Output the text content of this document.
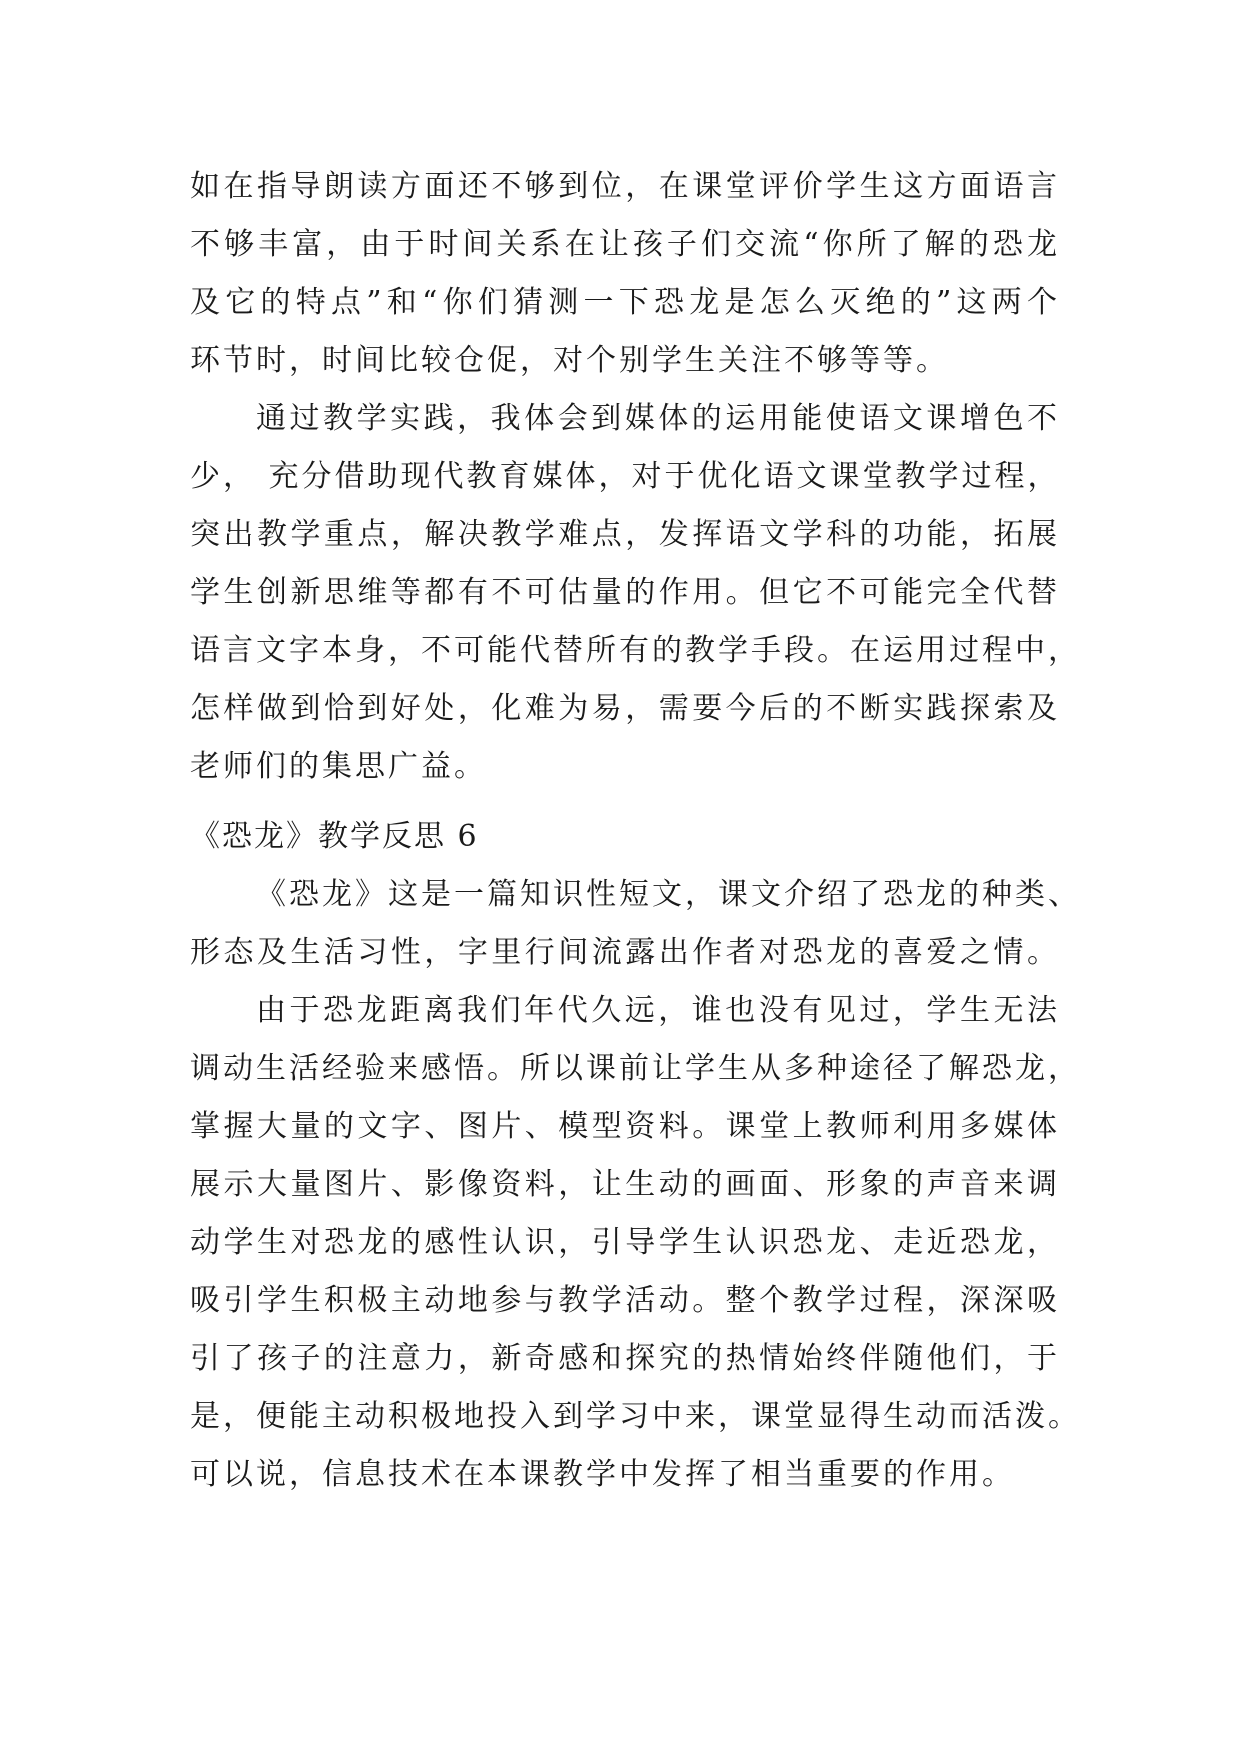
如在指导朗读方面还不够到位，在课堂评价学生这方面语言
不够丰富，由于时间关系在让孩子们交流“你所了解的恐龙
及它的特点”和“你们猜测一下恐龙是怎么灭绝的”这两个
环节时，时间比较仓促，对个别学生关注不够等等。
通过教学实践，我体会到媒体的运用能使语文课增色不
少， 充分借助现代教育媒体，对于优化语文课堂教学过程，
突出教学重点，解决教学难点，发挥语文学科的功能，拓展
学生创新思维等都有不可估量的作用。但它不可能完全代替
语言文字本身，不可能代替所有的教学手段。在运用过程中，
怎样做到恰到好处，化难为易，需要今后的不断实践探索及
老师们的集思广益。
《恐龙》教学反思 6
《恐龙》这是一篇知识性短文，课文介绍了恐龙的种类、
形态及生活习性，字里行间流露出作者对恐龙的喜爱之情。
由于恐龙距离我们年代久远，谁也没有见过，学生无法
调动生活经验来感悟。所以课前让学生从多种途径了解恐龙，
掌握大量的文字、图片、模型资料。课堂上教师利用多媒体
展示大量图片、影像资料，让生动的画面、形象的声音来调
动学生对恐龙的感性认识，引导学生认识恐龙、走近恐龙，
吸引学生积极主动地参与教学活动。整个教学过程，深深吸
引了孩子的注意力，新奇感和探究的热情始终伴随他们，于
是，便能主动积极地投入到学习中来，课堂显得生动而活泼。
可以说，信息技术在本课教学中发挥了相当重要的作用。
